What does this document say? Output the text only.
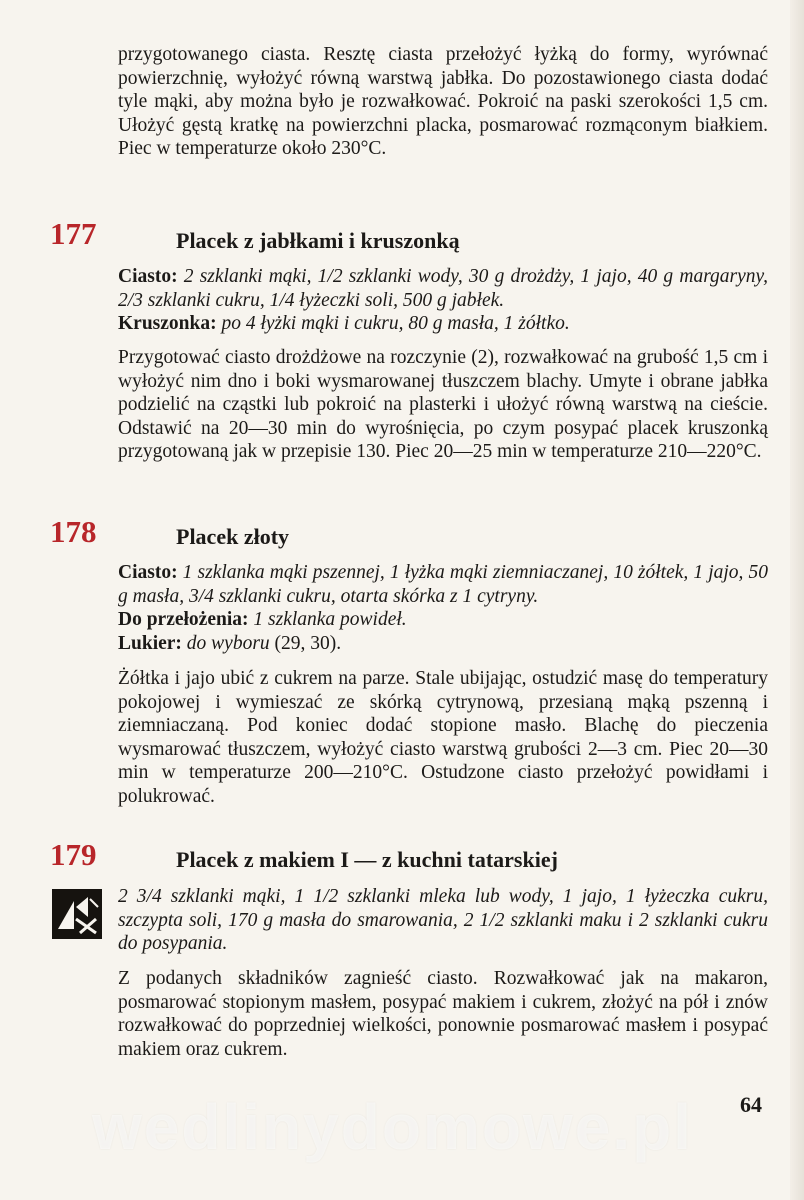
przygotowanego ciasta. Resztę ciasta przełożyć łyżką do formy, wyrównać powierzchnię, wyłożyć równą warstwą jabłka. Do pozostawionego ciasta dodać tyle mąki, aby można było je rozwałkować. Pokroić na paski szerokości 1,5 cm. Ułożyć gęstą kratkę na powierzchni placka, posmarować rozmąconym białkiem. Piec w temperaturze około 230°C.

177	Placek z jabłkami i kruszonką

Ciasto: 2 szklanki mąki, 1/2 szklanki wody, 30 g drożdży, 1 jajo, 40 g margaryny, 2/3 szklanki cukru, 1/4 łyżeczki soli, 500 g jabłek.
Kruszonka: po 4 łyżki mąki i cukru, 80 g masła, 1 żółtko.

Przygotować ciasto drożdżowe na rozczynie (2), rozwałkować na grubość 1,5 cm i wyłożyć nim dno i boki wysmarowanej tłuszczem blachy. Umyte i obrane jabłka podzielić na cząstki lub pokroić na plasterki i ułożyć równą warstwą na cieście. Odstawić na 20—30 min do wyrośnięcia, po czym posypać placek kruszonką przygotowaną jak w przepisie 130. Piec 20—25 min w temperaturze 210—220°C.

178	Placek złoty

Ciasto: 1 szklanka mąki pszennej, 1 łyżka mąki ziemniaczanej, 10 żółtek, 1 jajo, 50 g masła, 3/4 szklanki cukru, otarta skórka z 1 cytryny.
Do przełożenia: 1 szklanka powideł.
Lukier: do wyboru (29, 30).

Żółtka i jajo ubić z cukrem na parze. Stale ubijając, ostudzić masę do temperatury pokojowej i wymieszać ze skórką cytrynową, przesianą mąką pszenną i ziemniaczaną. Pod koniec dodać stopione masło. Blachę do pieczenia wysmarować tłuszczem, wyłożyć ciasto warstwą grubości 2—3 cm. Piec 20—30 min w temperaturze 200—210°C. Ostudzone ciasto przełożyć powidłami i polukrować.

179	Placek z makiem I — z kuchni tatarskiej

2 3/4 szklanki mąki, 1 1/2 szklanki mleka lub wody, 1 jajo, 1 łyżeczka cukru, szczypta soli, 170 g masła do smarowania, 2 1/2 szklanki maku i 2 szklanki cukru do posypania.

Z podanych składników zagnieść ciasto. Rozwałkować jak na makaron, posmarować stopionym masłem, posypać makiem i cukrem, złożyć na pół i znów rozwałkować do poprzedniej wielkości, ponownie posmarować masłem i posypać makiem oraz cukrem.

wedlinydomowe.pl 64
